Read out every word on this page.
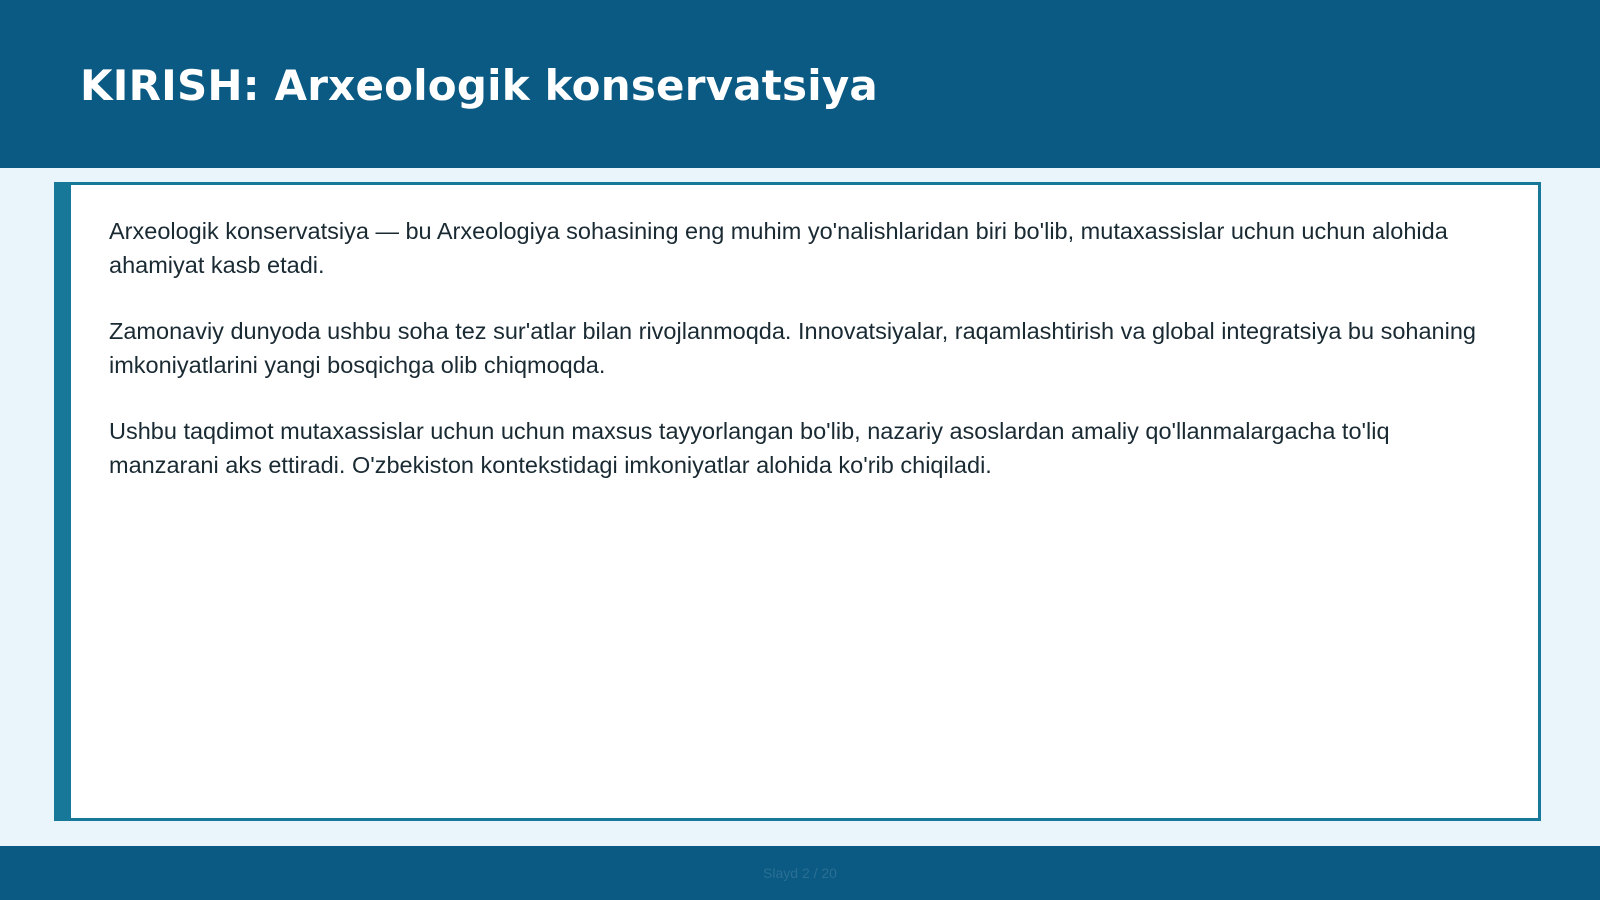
KIRISH: Arxeologik konservatsiya

Arxeologik konservatsiya — bu Arxeologiya sohasining eng muhim yo'nalishlaridan biri bo'lib, mutaxassislar uchun uchun alohida ahamiyat kasb etadi.

Zamonaviy dunyoda ushbu soha tez sur'atlar bilan rivojlanmoqda. Innovatsiyalar, raqamlashtirish va global integratsiya bu sohaning imkoniyatlarini yangi bosqichga olib chiqmoqda.

Ushbu taqdimot mutaxassislar uchun uchun maxsus tayyorlangan bo'lib, nazariy asoslardan amaliy qo'llanmalargacha to'liq manzarani aks ettiradi. O'zbekiston kontekstidagi imkoniyatlar alohida ko'rib chiqiladi.

Slayd 2 / 20
